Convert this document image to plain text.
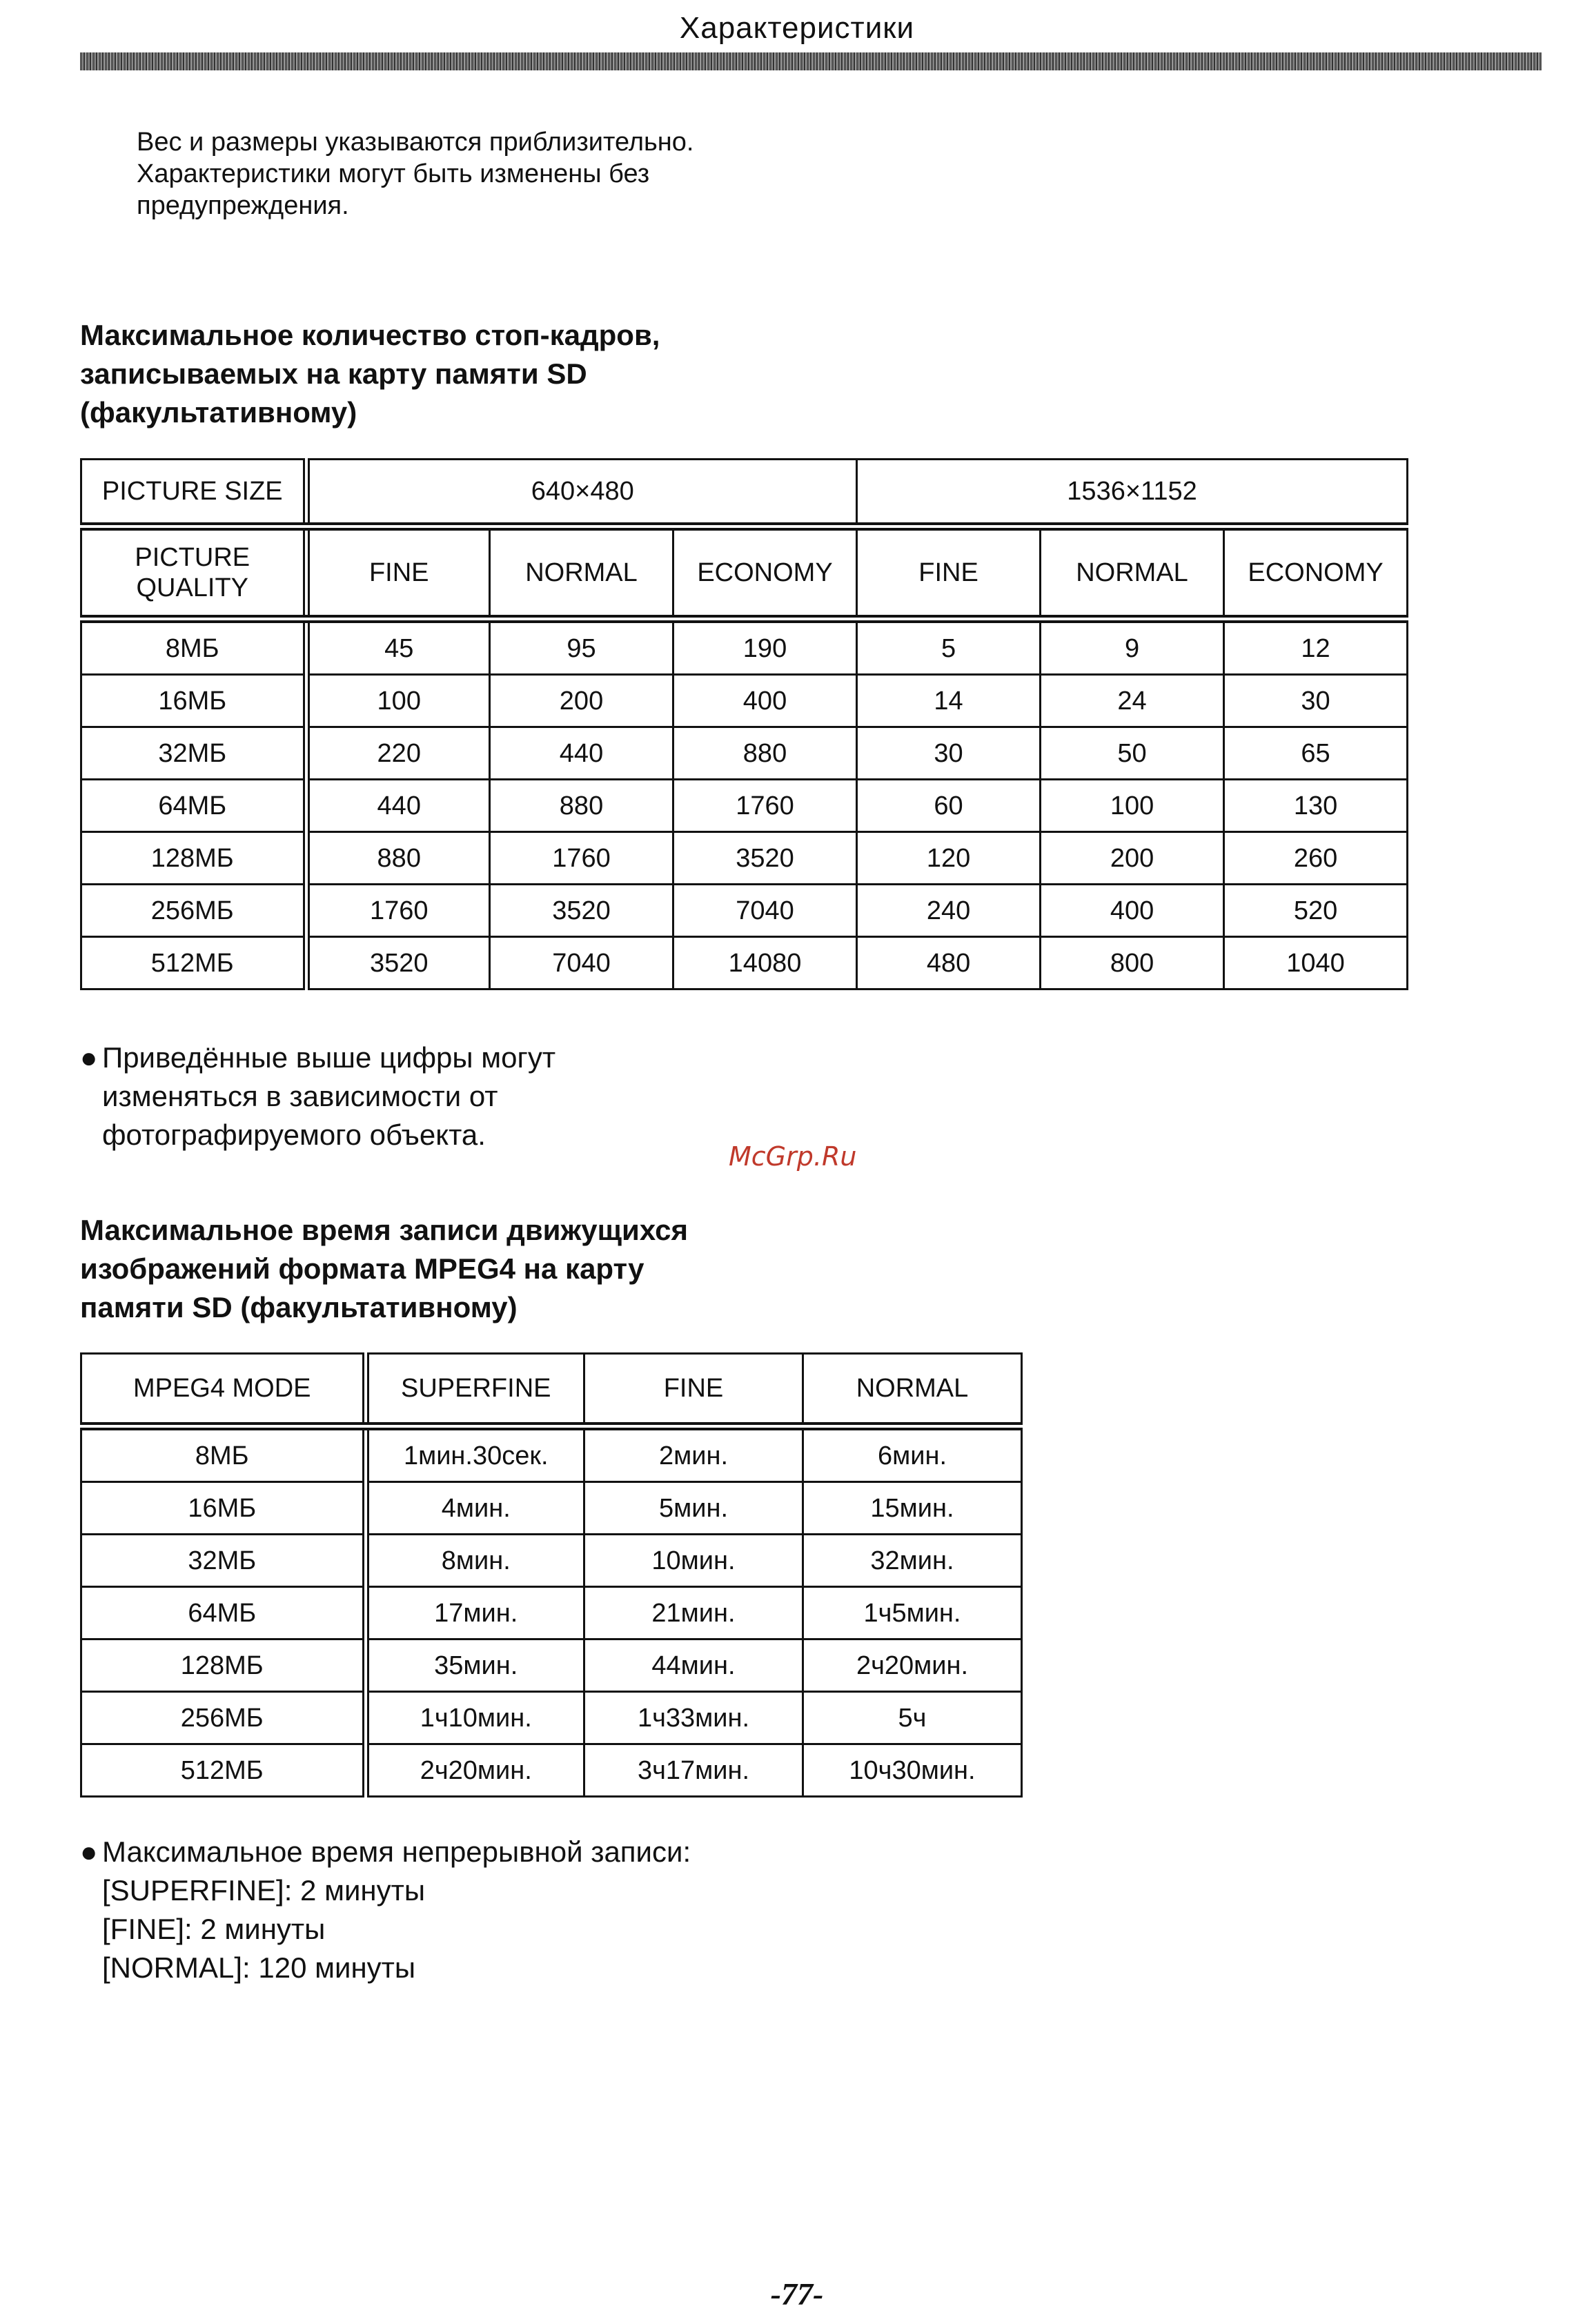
Характеристики
Вес и размеры указываются приблизительно.
Характеристики могут быть изменены без
предупреждения.
Максимальное количество стоп-кадров,
записываемых на карту памяти SD
(факультативному)
PICTURE SIZE	640×480			1536×1152		
PICTURE
QUALITY	FINE	NORMAL	ECONOMY	FINE	NORMAL	ECONOMY
8МБ	45	95	190	5	9	12
16МБ	100	200	400	14	24	30
32МБ	220	440	880	30	50	65
64МБ	440	880	1760	60	100	130
128МБ	880	1760	3520	120	200	260
256МБ	1760	3520	7040	240	400	520
512МБ	3520	7040	14080	480	800	1040
● Приведённые выше цифры могут
изменяться в зависимости от
фотографируемого объекта.
McGrp.Ru
Максимальное время записи движущихся
изображений формата MPEG4 на карту
памяти SD (факультативному)
MPEG4 MODE	SUPERFINE	FINE	NORMAL
8МБ	1мин.30сек.	2мин.	6мин.
16МБ	4мин.	5мин.	15мин.
32МБ	8мин.	10мин.	32мин.
64МБ	17мин.	21мин.	1ч5мин.
128МБ	35мин.	44мин.	2ч20мин.
256МБ	1ч10мин.	1ч33мин.	5ч
512МБ	2ч20мин.	3ч17мин.	10ч30мин.
● Максимальное время непрерывной записи:
[SUPERFINE]: 2 минуты
[FINE]: 2 минуты
[NORMAL]: 120 минуты
-77-
